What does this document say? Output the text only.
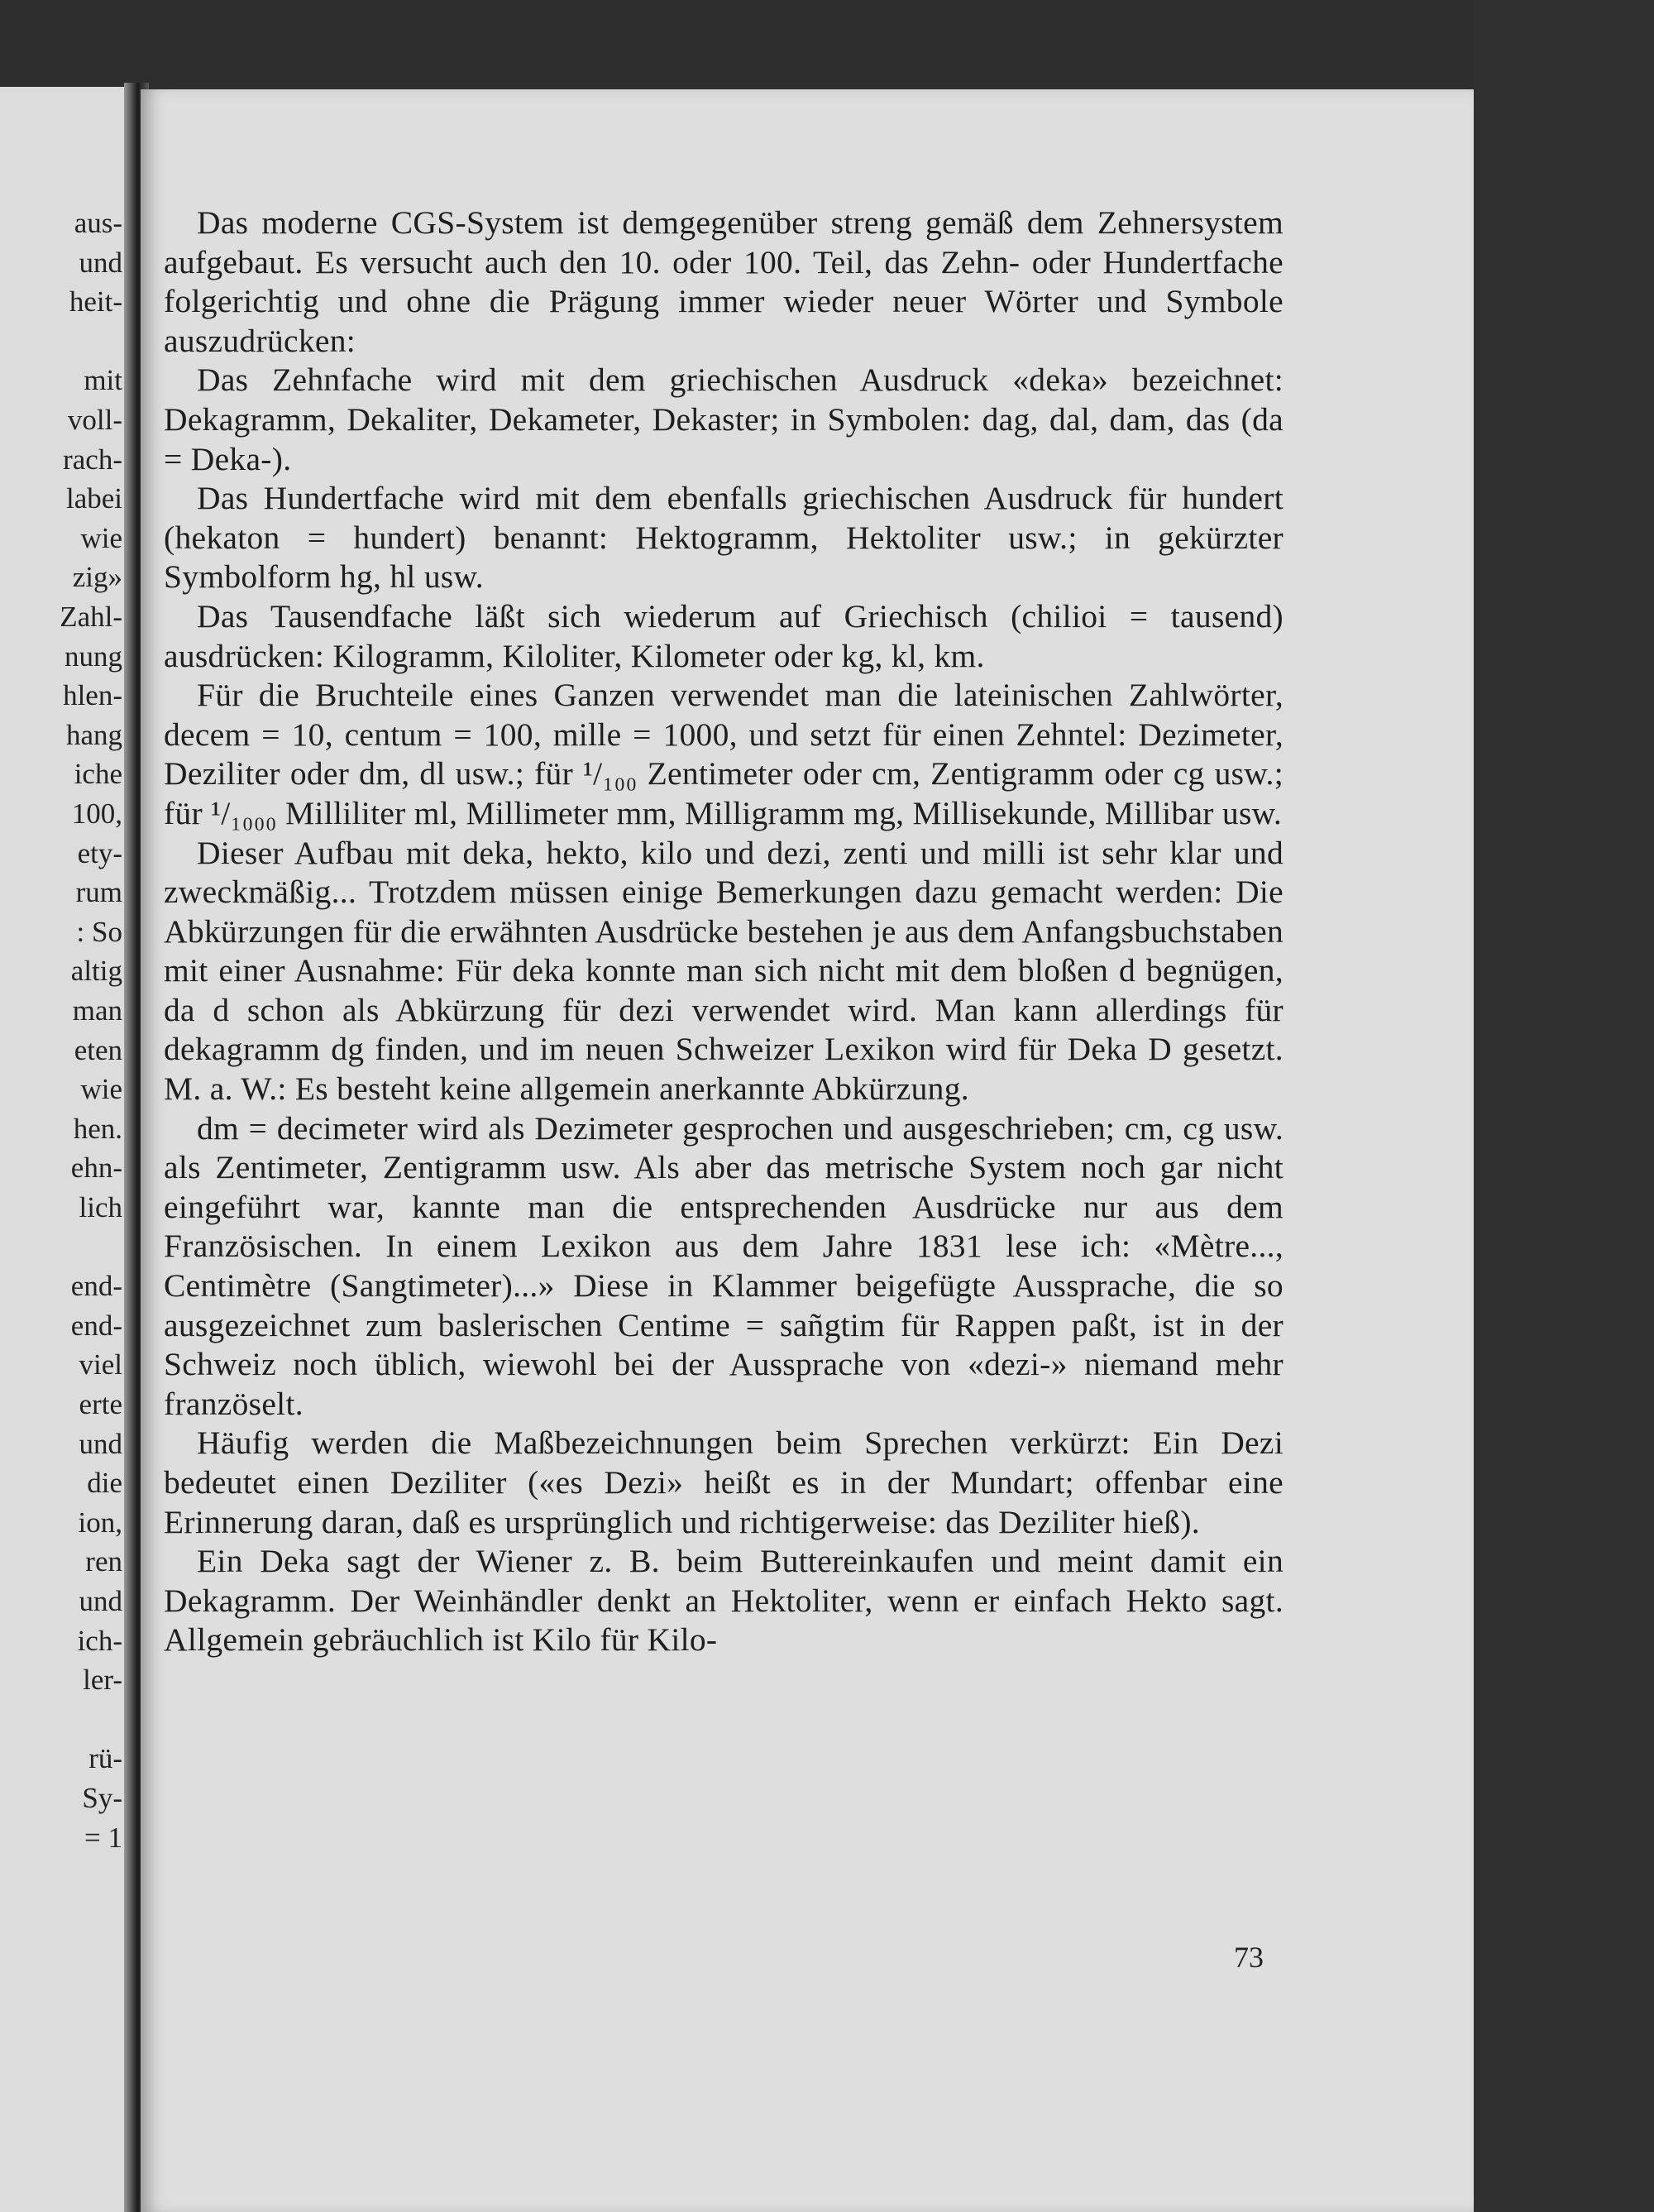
aus-
und
heit-
mit
voll-
rach-
labei
wie
zig»
Zahl-
nung
hlen-
hang
iche
100,
ety-
rum
: So
altig
man
eten
wie
hen.
ehn-
lich
end-
end-
viel
erte
und
die
ion,
ren
und
ich-
ler-
rü-
Sy-
= 1

Das moderne CGS-System ist demgegenüber streng gemäß dem Zehnersystem aufgebaut. Es versucht auch den 10. oder 100. Teil, das Zehn- oder Hundertfache folgerichtig und ohne die Prägung immer wieder neuer Wörter und Symbole auszudrücken:

Das Zehnfache wird mit dem griechischen Ausdruck «deka» bezeichnet: Dekagramm, Dekaliter, Dekameter, Dekaster; in Symbolen: dag, dal, dam, das (da = Deka-).

Das Hundertfache wird mit dem ebenfalls griechischen Ausdruck für hundert (hekaton = hundert) benannt: Hektogramm, Hektoliter usw.; in gekürzter Symbolform hg, hl usw.

Das Tausendfache läßt sich wiederum auf Griechisch (chilioi = tausend) ausdrücken: Kilogramm, Kiloliter, Kilometer oder kg, kl, km.

Für die Bruchteile eines Ganzen verwendet man die lateinischen Zahlwörter, decem = 10, centum = 100, mille = 1000, und setzt für einen Zehntel: Dezimeter, Deziliter oder dm, dl usw.; für ¹/₁₀₀ Zentimeter oder cm, Zentigramm oder cg usw.; für ¹/₁₀₀₀ Milliliter ml, Millimeter mm, Milligramm mg, Millisekunde, Millibar usw.

Dieser Aufbau mit deka, hekto, kilo und dezi, zenti und milli ist sehr klar und zweckmäßig... Trotzdem müssen einige Bemerkungen dazu gemacht werden: Die Abkürzungen für die erwähnten Ausdrücke bestehen je aus dem Anfangsbuchstaben mit einer Ausnahme: Für deka konnte man sich nicht mit dem bloßen d begnügen, da d schon als Abkürzung für dezi verwendet wird. Man kann allerdings für dekagramm dg finden, und im neuen Schweizer Lexikon wird für Deka D gesetzt. M. a. W.: Es besteht keine allgemein anerkannte Abkürzung.

dm = decimeter wird als Dezimeter gesprochen und ausgeschrieben; cm, cg usw. als Zentimeter, Zentigramm usw. Als aber das metrische System noch gar nicht eingeführt war, kannte man die entsprechenden Ausdrücke nur aus dem Französischen. In einem Lexikon aus dem Jahre 1831 lese ich: «Mètre..., Centimètre (Sangtimeter)...» Diese in Klammer beigefügte Aussprache, die so ausgezeichnet zum baslerischen Centime = sañgtim für Rappen paßt, ist in der Schweiz noch üblich, wiewohl bei der Aussprache von «dezi-» niemand mehr französelt.

Häufig werden die Maßbezeichnungen beim Sprechen verkürzt: Ein Dezi bedeutet einen Deziliter («es Dezi» heißt es in der Mundart; offenbar eine Erinnerung daran, daß es ursprünglich und richtigerweise: das Deziliter hieß).

Ein Deka sagt der Wiener z. B. beim Buttereinkaufen und meint damit ein Dekagramm. Der Weinhändler denkt an Hektoliter, wenn er einfach Hekto sagt. Allgemein gebräuchlich ist Kilo für Kilo-

73
